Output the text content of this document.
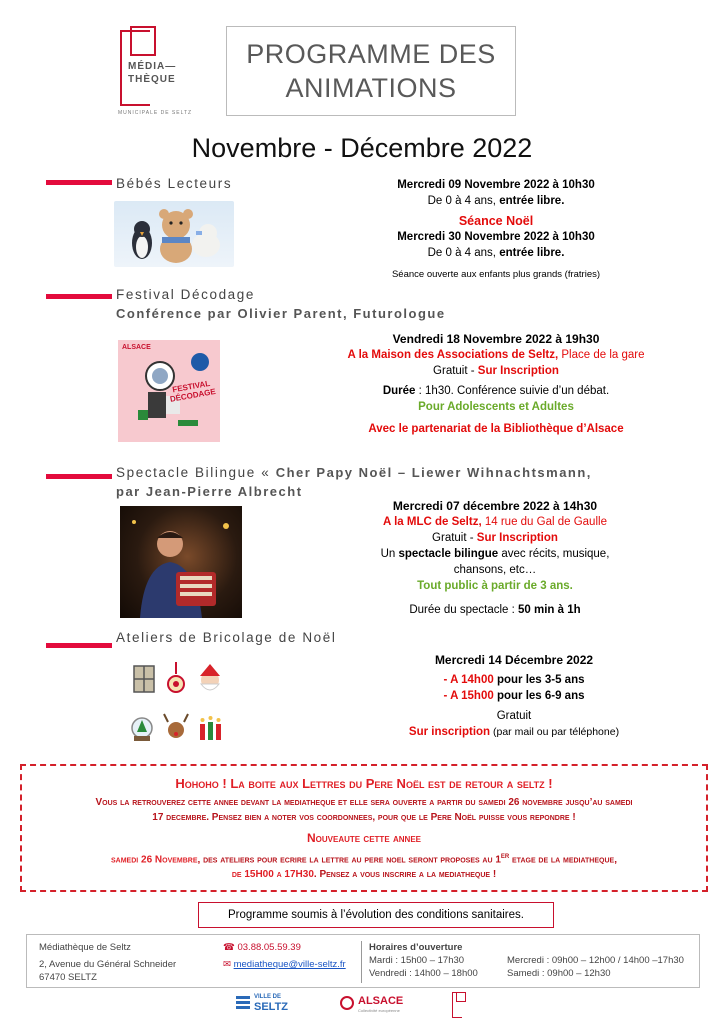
MÉDIA—
THÈQUE
MUNICIPALE DE SELTZ
PROGRAMME DES
ANIMATIONS
Novembre - Décembre 2022
Bébés Lecteurs	Mercredi 09 Novembre 2022 à 10h30

De 0 à 4 ans, entrée libre.

Séance Noël

Mercredi 30 Novembre 2022 à 10h30

De 0 à 4 ans, entrée libre.

Séance ouverte aux enfants plus grands (fratries)

Festival Décodage
Conférence par Olivier Parent, Futurologue
ALSACE
FESTIVAL DÉCODAGE

Vendredi 18 Novembre 2022 à 19h30

A la Maison des Associations de Seltz, Place de la gare

Gratuit - Sur Inscription

Durée : 1h30. Conférence suivie d’un débat.

Pour Adolescents et Adultes

Avec le partenariat de la Bibliothèque d’Alsace

Spectacle Bilingue « Cher Papy Noël – Liewer Wihnachtsmann,
par Jean-Pierre Albrecht

Mercredi 07 décembre 2022 à 14h30

A la MLC de Seltz, 14 rue du Gal de Gaulle

Gratuit - Sur Inscription

Un spectacle bilingue avec récits, musique,

chansons, etc…

Tout public à partir de 3 ans.

Durée du spectacle : 50 min à 1h

Ateliers de Bricolage de Noël

Mercredi 14 Décembre 2022

- A 14h00 pour les 3-5 ans

- A 15h00 pour les 6-9 ans

Gratuit

Sur inscription (par mail ou par téléphone)

Hohoho ! La boite aux Lettres du Pere Noël est de retour a seltz !

Vous la retrouverez cette annee devant la mediatheque et elle sera ouverte a partir du samedi 26 novembre jusqu’au samedi

17 decembre. Pensez bien a noter vos coordonnees, pour que le Pere Noël puisse vous repondre !

Nouveaute cette annee

samedi 26 Novembre, des ateliers pour ecrire la lettre au pere noel seront proposes au 1er etage de la mediatheque,

de 15H00 a 17H30. Pensez a vous inscrire a la mediatheque !

Programme soumis à l’évolution des conditions sanitaires.
Médiathèque de Seltz
2, Avenue du Général Schneider
67470 SELTZ
☎ 03.88.05.59.39
✉ mediatheque@ville-seltz.fr
Horaires d’ouverture
Mardi : 15h00 – 17h30
Vendredi : 14h00 – 18h00
Mercredi : 09h00 – 12h00 / 14h00 –17h30
Samedi : 09h00 – 12h30
VILLE DE
SELTZ	ALSACE
Collectivité européenne
